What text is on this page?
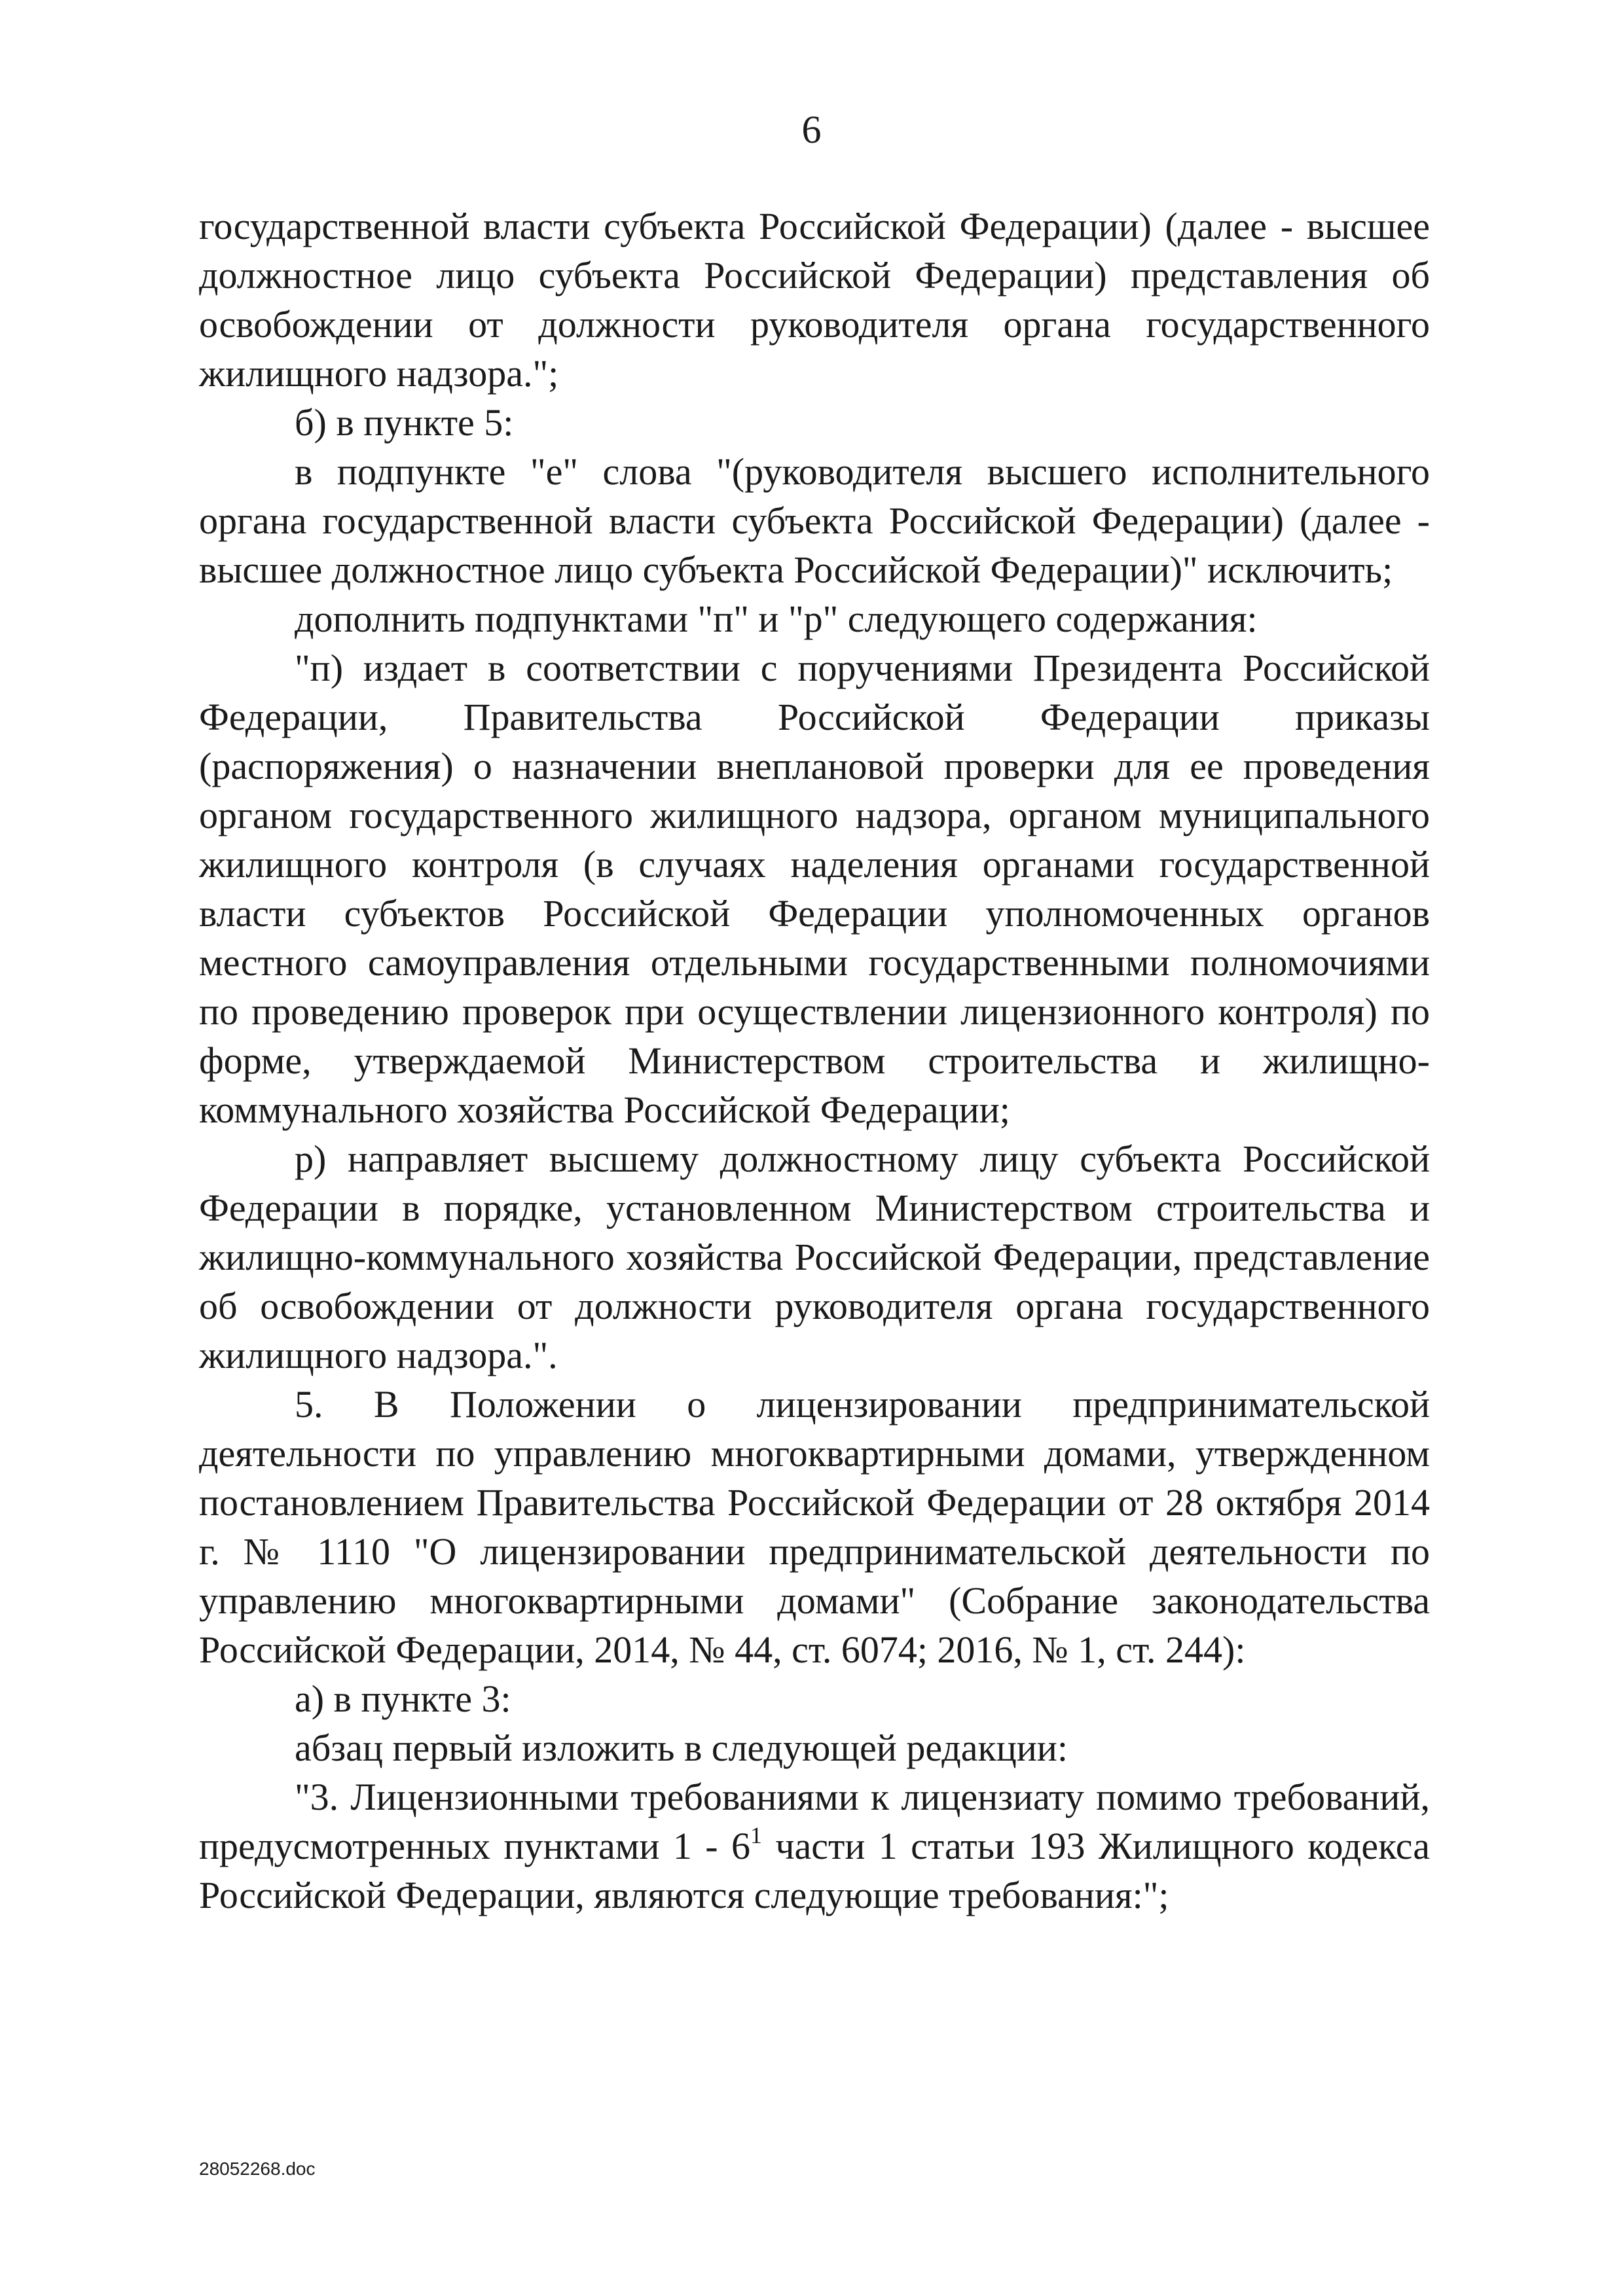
6

государственной власти субъекта Российской Федерации) (далее - высшее должностное лицо субъекта Российской Федерации) представления об освобождении от должности руководителя органа государственного жилищного надзора.";

б) в пункте 5:

в подпункте "е" слова "(руководителя высшего исполнительного органа государственной власти субъекта Российской Федерации) (далее - высшее должностное лицо субъекта Российской Федерации)" исключить;

дополнить подпунктами "п" и "р" следующего содержания:

"п) издает в соответствии с поручениями Президента Российской Федерации, Правительства Российской Федерации приказы (распоряжения) о назначении внеплановой проверки для ее проведения органом государственного жилищного надзора, органом муниципального жилищного контроля (в случаях наделения органами государственной власти субъектов Российской Федерации уполномоченных органов местного самоуправления отдельными государственными полномочиями по проведению проверок при осуществлении лицензионного контроля) по форме, утверждаемой Министерством строительства и жилищно-коммунального хозяйства Российской Федерации;

р) направляет высшему должностному лицу субъекта Российской Федерации в порядке, установленном Министерством строительства и жилищно-коммунального хозяйства Российской Федерации, представление об освобождении от должности руководителя органа государственного жилищного надзора.".

5. В Положении о лицензировании предпринимательской деятельности по управлению многоквартирными домами, утвержденном постановлением Правительства Российской Федерации от 28 октября 2014 г. № 1110 "О лицензировании предпринимательской деятельности по управлению многоквартирными домами" (Собрание законодательства Российской Федерации, 2014, № 44, ст. 6074; 2016, № 1, ст. 244):

а) в пункте 3:

абзац первый изложить в следующей редакции:

"3. Лицензионными требованиями к лицензиату помимо требований, предусмотренных пунктами $1 - 6^1$ части 1 статьи 193 Жилищного кодекса Российской Федерации, являются следующие требования:";

28052268.doc
